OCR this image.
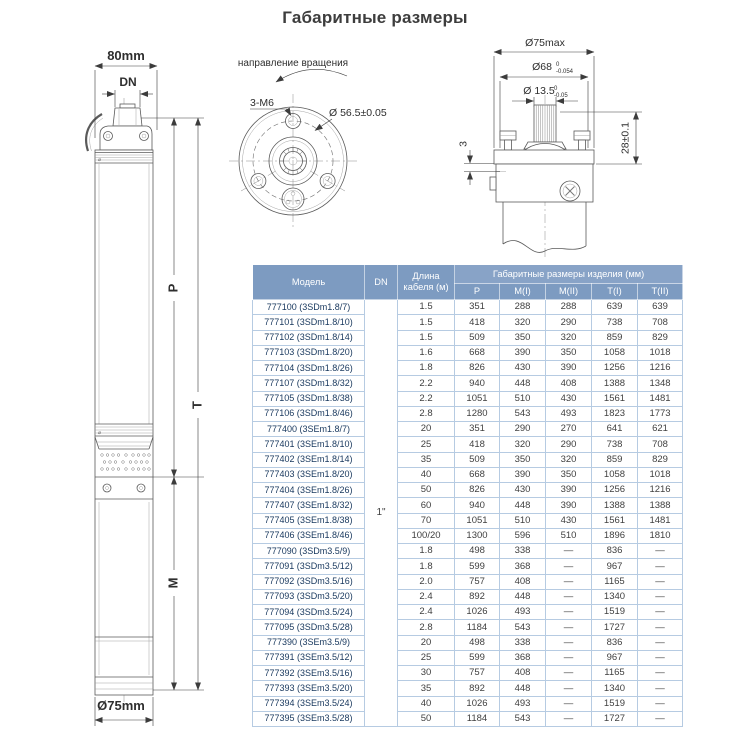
Габаритные размеры
⌀
⌀
80mm
DN
P
T
M
Ø75mm
направление вращения
3-М6
Ø 56.5±0.05
Ø75max
Ø68 0
-0.054
Ø 13.5 0
-0.05
28±0.1
3
Модель	DN	Длина кабеля (м)	Габаритные размеры изделия (мм)				
			P	M(I)	M(II)	T(I)	T(II)
777100 (3SDm1.8/7)	1"	1.5	351	288	288	639	639
777101 (3SDm1.8/10)		1.5	418	320	290	738	708
777102 (3SDm1.8/14)		1.5	509	350	320	859	829
777103 (3SDm1.8/20)		1.6	668	390	350	1058	1018
777104 (3SDm1.8/26)		1.8	826	430	390	1256	1216
777107 (3SDm1.8/32)		2.2	940	448	408	1388	1348
777105 (3SDm1.8/38)		2.2	1051	510	430	1561	1481
777106 (3SDm1.8/46)		2.8	1280	543	493	1823	1773
777400 (3SEm1.8/7)		20	351	290	270	641	621
777401 (3SEm1.8/10)		25	418	320	290	738	708
777402 (3SEm1.8/14)		35	509	350	320	859	829
777403 (3SEm1.8/20)		40	668	390	350	1058	1018
777404 (3SEm1.8/26)		50	826	430	390	1256	1216
777407 (3SEm1.8/32)		60	940	448	390	1388	1388
777405 (3SEm1.8/38)		70	1051	510	430	1561	1481
777406 (3SEm1.8/46)		100/20	1300	596	510	1896	1810
777090 (3SDm3.5/9)		1.8	498	338	—	836	—
777091 (3SDm3.5/12)		1.8	599	368	—	967	—
777092 (3SDm3.5/16)		2.0	757	408	—	1165	—
777093 (3SDm3.5/20)		2.4	892	448	—	1340	—
777094 (3SDm3.5/24)		2.4	1026	493	—	1519	—
777095 (3SDm3.5/28)		2.8	1184	543	—	1727	—
777390 (3SEm3.5/9)		20	498	338	—	836	—
777391 (3SEm3.5/12)		25	599	368	—	967	—
777392 (3SEm3.5/16)		30	757	408	—	1165	—
777393 (3SEm3.5/20)		35	892	448	—	1340	—
777394 (3SEm3.5/24)		40	1026	493	—	1519	—
777395 (3SEm3.5/28)		50	1184	543	—	1727	—
